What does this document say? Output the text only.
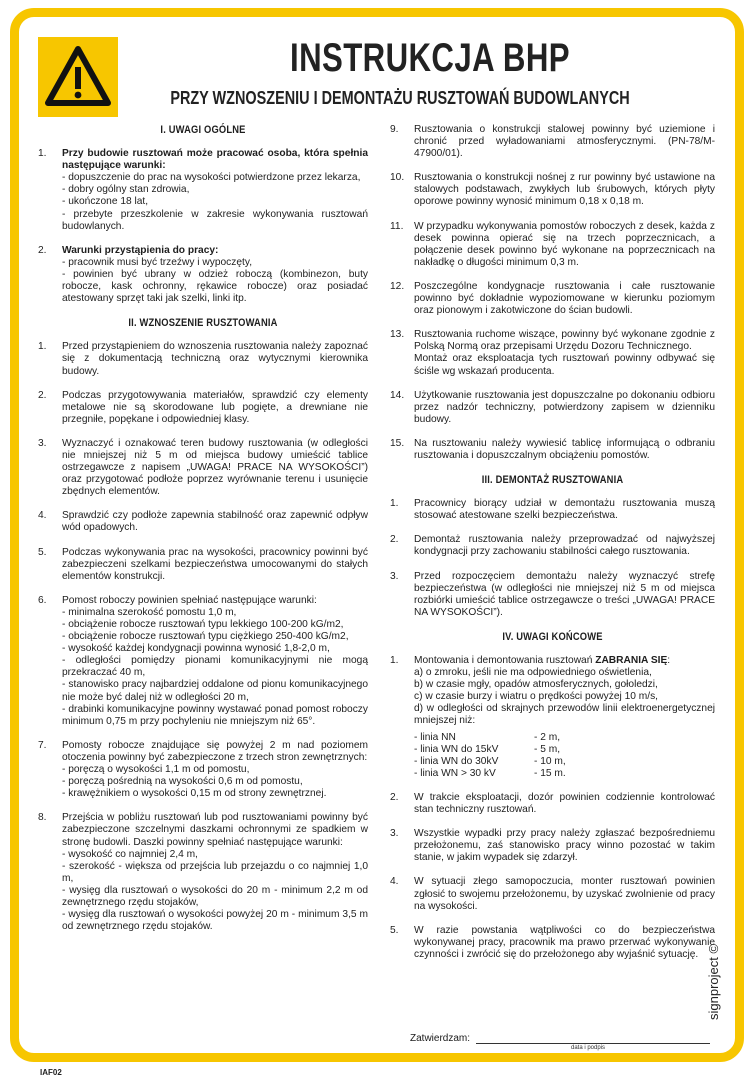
INSTRUKCJA BHP
PRZY WZNOSZENIU I DEMONTAŻU RUSZTOWAŃ BUDOWLANYCH
I. UWAGI OGÓLNE
1.	Przy budowie rusztowań może pracować osoba, która spełnia następujące warunki:
- dopuszczenie do prac na wysokości potwierdzone przez lekarza,
- dobry ogólny stan zdrowia,
- ukończone 18 lat,
- przebyte przeszkolenie w zakresie wykonywania rusztowań budowlanych.
2.	Warunki przystąpienia do pracy:
- pracownik musi być trzeźwy i wypoczęty,
- powinien być ubrany w odzież roboczą (kombinezon, buty robocze, kask ochronny, rękawice robocze) oraz posiadać atestowany sprzęt taki jak szelki, linki itp.
II. WZNOSZENIE RUSZTOWANIA
1.	Przed przystąpieniem do wznoszenia rusztowania należy zapoznać się z dokumentacją techniczną oraz wytycznymi kierownika budowy.
2.	Podczas przygotowywania materiałów, sprawdzić czy elementy metalowe nie są skorodowane lub pogięte, a drewniane nie przegniłe, popękane i odpowiedniej klasy.
3.	Wyznaczyć i oznakować teren budowy rusztowania (w odległości nie mniejszej niż 5 m od miejsca budowy umieścić tablice ostrzegawcze z napisem „UWAGA! PRACE NA WYSOKOŚCI”) oraz przygotować podłoże poprzez wyrównanie terenu i usunięcie zbędnych elementów.
4.	Sprawdzić czy podłoże zapewnia stabilność oraz zapewnić odpływ wód opadowych.
5.	Podczas wykonywania prac na wysokości, pracownicy powinni być zabezpieczeni szelkami bezpieczeństwa umocowanymi do stałych elementów konstrukcji.
6.	Pomost roboczy powinien spełniać następujące warunki:
- minimalna szerokość pomostu 1,0 m,
- obciążenie robocze rusztowań typu lekkiego 100-200 kG/m2,
- obciążenie robocze rusztowań typu ciężkiego 250-400 kG/m2,
- wysokość każdej kondygnacji powinna wynosić 1,8-2,0 m,
- odległości pomiędzy pionami komunikacyjnymi nie mogą przekraczać 40 m,
- stanowisko pracy najbardziej oddalone od pionu komunikacyjnego nie może być dalej niż w odległości 20 m,
- drabinki komunikacyjne powinny wystawać ponad pomost roboczy minimum 0,75 m przy pochyleniu nie mniejszym niż 65°.
7.	Pomosty robocze znajdujące się powyżej 2 m nad poziomem otoczenia powinny być zabezpieczone z trzech stron zewnętrznych:
- poręczą o wysokości 1,1 m od pomostu,
- poręczą pośrednią na wysokości 0,6 m od pomostu,
- krawężnikiem o wysokości 0,15 m od strony zewnętrznej.
8.	Przejścia w pobliżu rusztowań lub pod rusztowaniami powinny być zabezpieczone szczelnymi daszkami ochronnymi ze spadkiem w stronę budowli. Daszki powinny spełniać następujące warunki:
- wysokość co najmniej 2,4 m,
- szerokość - większa od przejścia lub przejazdu o co najmniej 1,0 m,
- wysięg dla rusztowań o wysokości do 20 m - minimum 2,2 m od zewnętrznego rzędu stojaków,
- wysięg dla rusztowań o wysokości powyżej 20 m - minimum 3,5 m od zewnętrznego rzędu stojaków.
9.	Rusztowania o konstrukcji stalowej powinny być uziemione i chronić przed wyładowaniami atmosferycznymi. (PN-78/M-47900/01).
10. Rusztowania o konstrukcji nośnej z rur powinny być ustawione na stalowych podstawach, zwykłych lub śrubowych, których płyty oporowe powinny wynosić minimum 0,18 x 0,18 m.
11.	W przypadku wykonywania pomostów roboczych z desek, każda z desek powinna opierać się na trzech poprzecznicach, a połączenie desek powinno być wykonane na poprzecznicach na nakładkę o długości minimum 0,3 m.
12. Poszczególne kondygnacje rusztowania i całe rusztowanie powinno być dokładnie wypoziomowane w kierunku poziomym oraz pionowym i zakotwiczone do ścian budowli.
13. Rusztowania ruchome wiszące, powinny być wykonane zgodnie z Polską Normą oraz przepisami Urzędu Dozoru Technicznego.
Montaż oraz eksploatacja tych rusztowań powinny odbywać się ściśle wg wskazań producenta.
14. Użytkowanie rusztowania jest dopuszczalne po dokonaniu odbioru przez nadzór techniczny, potwierdzony zapisem w dzienniku budowy.
15. Na rusztowaniu należy wywiesić tablicę informującą o odbraniu rusztowania i dopuszczalnym obciążeniu pomostów.
III. DEMONTAŻ RUSZTOWANIA
1.	Pracownicy biorący udział w demontażu rusztowania muszą stosować atestowane szelki bezpieczeństwa.
2.	Demontaż rusztowania należy przeprowadzać od najwyższej kondygnacji przy zachowaniu stabilności całego rusztowania.
3.	Przed rozpoczęciem demontażu należy wyznaczyć strefę bezpieczeństwa (w odległości nie mniejszej niż 5 m od miejsca rozbiórki umieścić tablice ostrzegawcze o treści „UWAGA! PRACE NA WYSOKOŚCI”).
IV. UWAGI KOŃCOWE
1.	Montowania i demontowania rusztowań ZABRANIA SIĘ:
a) o zmroku, jeśli nie ma odpowiedniego oświetlenia,
b) w czasie mgły, opadów atmosferycznych, gołoledzi,
c) w czasie burzy i wiatru o prędkości powyżej 10 m/s,
d) w odległości od skrajnych przewodów linii elektroenergetycznej mniejszej niż:
- linia NN	- 2 m,
- linia WN do 15kV	- 5 m,
- linia WN do 30kV	- 10 m,
- linia WN > 30 kV	- 15 m.
2.	W trakcie eksploatacji, dozór powinien codziennie kontrolować stan techniczny rusztowań.
3.	Wszystkie wypadki przy pracy należy zgłaszać bezpośredniemu przełożonemu, zaś stanowisko pracy winno pozostać w takim stanie, w jakim wypadek się zdarzył.
4.	W sytuacji złego samopoczucia, monter rusztowań powinien zgłosić to swojemu przełożonemu, by uzyskać zwolnienie od pracy na wysokości.
5.	W razie powstania wątpliwości co do bezpieczeństwa wykonywanej pracy, pracownik ma prawo przerwać wykonywanie czynności i zwrócić się do przełożonego aby wyjaśnić sytuację.
Zatwierdzam:
data i podpis
IAF02
signproject ©
